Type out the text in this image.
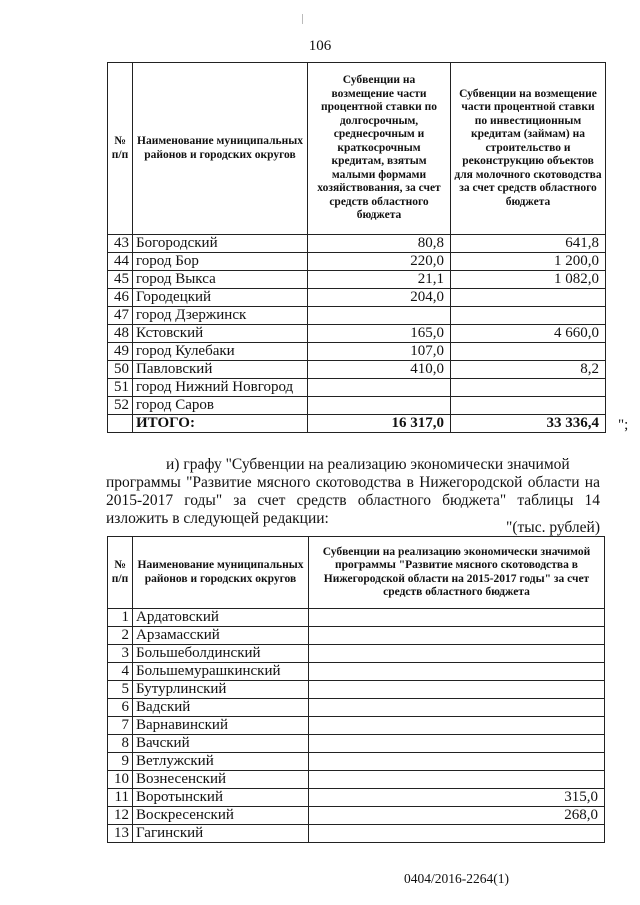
106
№ п/п	Наименование муниципальных районов и городских округов	Субвенции на возмещение части процентной ставки по долгосрочным, среднесрочным и краткосрочным кредитам, взятым малыми формами хозяйствования, за счет средств областного бюджета	Субвенции на возмещение части процентной ставки по инвестиционным кредитам (займам) на строительство и реконструкцию объектов для молочного скотоводства за счет средств областного бюджета
43	Богородский	80,8	641,8
44	город Бор	220,0	1 200,0
45	город Выкса	21,1	1 082,0
46	Городецкий	204,0	
47	город Дзержинск		
48	Кстовский	165,0	4 660,0
49	город Кулебаки	107,0	
50	Павловский	410,0	8,2
51	город Нижний Новгород		
52	город Саров		
	ИТОГО:	16 317,0	33 336,4 ";
и) графу "Субвенции на реализацию экономически значимой
программы "Развитие мясного скотоводства в Нижегородской области на 2015-2017 годы" за счет средств областного бюджета" таблицы 14 изложить в следующей редакции:
"(тыс. рублей)
№ п/п	Наименование муниципальных районов и городских округов	Субвенции на реализацию экономически значимой программы "Развитие мясного скотоводства в Нижегородской области на 2015-2017 годы" за счет средств областного бюджета
1	Ардатовский	
2	Арзамасский	
3	Большеболдинский	
4	Большемурашкинский	
5	Бутурлинский	
6	Вадский	
7	Варнавинский	
8	Вачский	
9	Ветлужский	
10	Вознесенский	
11	Воротынский	315,0
12	Воскресенский	268,0
13	Гагинский	
0404/2016-2264(1)
